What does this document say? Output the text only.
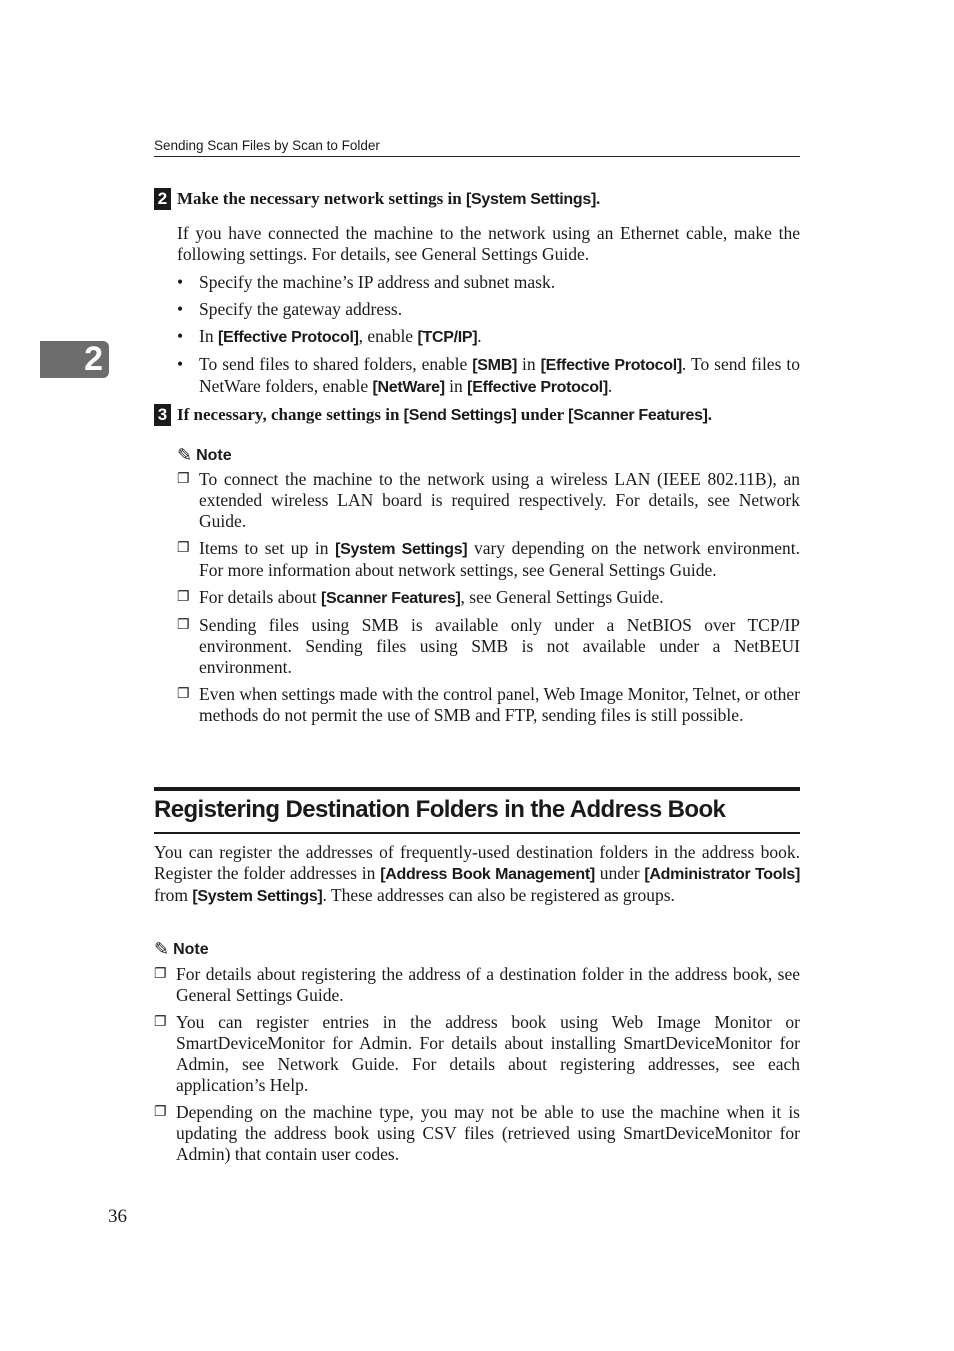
Sending Scan Files by Scan to Folder
2
2 Make the necessary network settings in [System Settings].
If you have connected the machine to the network using an Ethernet cable, make the following settings. For details, see General Settings Guide.
• Specify the machine’s IP address and subnet mask.
• Specify the gateway address.
• In [Effective Protocol], enable [TCP/IP].
• To send files to shared folders, enable [SMB] in [Effective Protocol]. To send files to NetWare folders, enable [NetWare] in [Effective Protocol].
3 If necessary, change settings in [Send Settings] under [Scanner Features].
✎ Note
❐ To connect the machine to the network using a wireless LAN (IEEE 802.11B), an extended wireless LAN board is required respectively. For details, see Network Guide.
❐ Items to set up in [System Settings] vary depending on the network environment. For more information about network settings, see General Settings Guide.
❐ For details about [Scanner Features], see General Settings Guide.
❐ Sending files using SMB is available only under a NetBIOS over TCP/IP environment. Sending files using SMB is not available under a NetBEUI environment.
❐ Even when settings made with the control panel, Web Image Monitor, Telnet, or other methods do not permit the use of SMB and FTP, sending files is still possible.
Registering Destination Folders in the Address Book
You can register the addresses of frequently-used destination folders in the address book. Register the folder addresses in [Address Book Management] under [Administrator Tools] from [System Settings]. These addresses can also be registered as groups.
✎ Note
❐ For details about registering the address of a destination folder in the address book, see General Settings Guide.
❐ You can register entries in the address book using Web Image Monitor or SmartDeviceMonitor for Admin. For details about installing SmartDeviceMonitor for Admin, see Network Guide. For details about registering addresses, see each application’s Help.
❐ Depending on the machine type, you may not be able to use the machine when it is updating the address book using CSV files (retrieved using SmartDeviceMonitor for Admin) that contain user codes.
36
